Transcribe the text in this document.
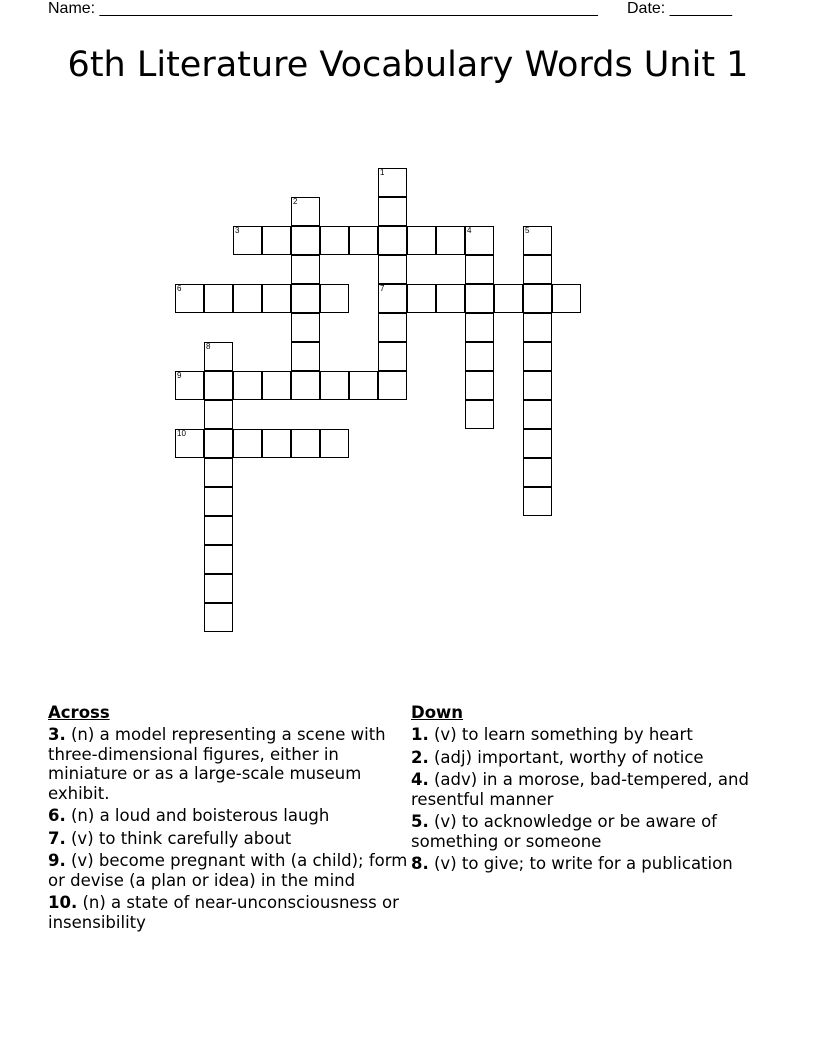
Name: ________________________________________________________ Date: _______
6th Literature Vocabulary Words Unit 1
1
7
2
3	4	5
6
8
9
10
Across
3. (n) a model representing a scene with three-dimensional figures, either in miniature or as a large-scale museum exhibit.
6. (n) a loud and boisterous laugh
7. (v) to think carefully about
9. (v) become pregnant with (a child); form or devise (a plan or idea) in the mind
10. (n) a state of near-unconsciousness or insensibility
Down
1. (v) to learn something by heart
2. (adj) important, worthy of notice
4. (adv) in a morose, bad-tempered, and resentful manner
5. (v) to acknowledge or be aware of something or someone
8. (v) to give; to write for a publication
